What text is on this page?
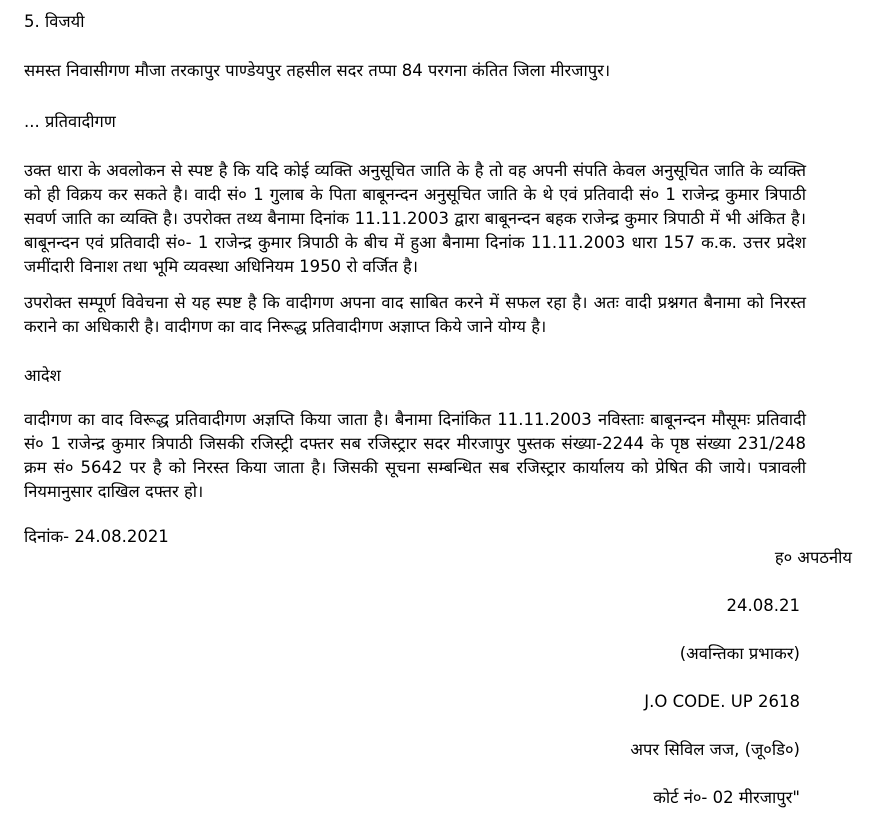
5. विजयी
समस्त निवासीगण मौजा तरकापुर पाण्डेयपुर तहसील सदर तप्पा 84 परगना कंतित जिला मीरजापुर।
... प्रतिवादीगण
उक्त धारा के अवलोकन से स्पष्ट है कि यदि कोई व्यक्ति अनुसूचित जाति के है तो वह अपनी संपति केवल अनुसूचित जाति के व्यक्ति को ही विक्रय कर सकते है। वादी सं० 1 गुलाब के पिता बाबूनन्दन अनुसूचित जाति के थे एवं प्रतिवादी सं० 1 राजेन्द्र कुमार त्रिपाठी सवर्ण जाति का व्यक्ति है। उपरोक्त तथ्य बैनामा दिनांक 11.11.2003 द्वारा बाबूनन्दन बहक राजेन्द्र कुमार त्रिपाठी में भी अंकित है। बाबूनन्दन एवं प्रतिवादी सं०- 1 राजेन्द्र कुमार त्रिपाठी के बीच में हुआ बैनामा दिनांक 11.11.2003 धारा 157 क.क. उत्तर प्रदेश जमींदारी विनाश तथा भूमि व्यवस्था अधिनियम 1950 रो वर्जित है।
उपरोक्त सम्पूर्ण विवेचना से यह स्पष्ट है कि वादीगण अपना वाद साबित करने में सफल रहा है। अतः वादी प्रश्नगत बैनामा को निरस्त कराने का अधिकारी है। वादीगण का वाद निरूद्ध प्रतिवादीगण अज्ञाप्त किये जाने योग्य है।
आदेश
वादीगण का वाद विरूद्ध प्रतिवादीगण अज्ञप्ति किया जाता है। बैनामा दिनांकित 11.11.2003 नविस्ताः बाबूनन्दन मौसूमः प्रतिवादी सं० 1 राजेन्द्र कुमार त्रिपाठी जिसकी रजिस्ट्री दफ्तर सब रजिस्ट्रार सदर मीरजापुर पुस्तक संख्या-2244 के पृष्ठ संख्या 231/248 क्रम सं० 5642 पर है को निरस्त किया जाता है। जिसकी सूचना सम्बन्धित सब रजिस्ट्रार कार्यालय को प्रेषित की जाये। पत्रावली नियमानुसार दाखिल दफ्तर हो।
दिनांक- 24.08.2021
ह० अपठनीय
24.08.21
(अवन्तिका प्रभाकर)
J.O CODE. UP 2618
अपर सिविल जज, (जू०डि०)
कोर्ट नं०- 02 मीरजापुर"
